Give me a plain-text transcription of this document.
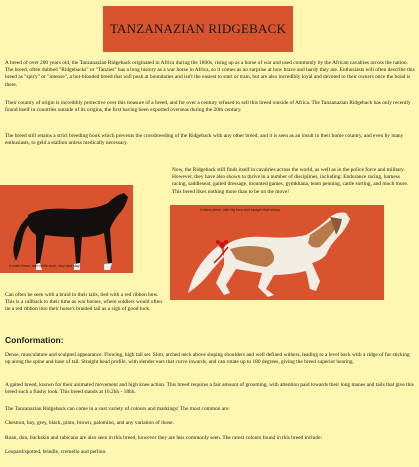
TANZANAZIAN RIDGEBACK

A breed of over 200 years old, the Tanzanazian Ridgeback originated in Africa during the 1800s, rising up as a horse of war and used commonly by the African cavalries across the nation. The breed, often dubbed "Ridgebacks" or "Tanzies" has a long history as a war horse in Africa, so it comes as no surprise at how brave and hardy they are. Enthusiasts will often describe this breed as "spicy" or "intense", a hot-blooded breed that will push at boundaries and isn't the easiest to start or train, but are also incredibly loyal and devoted to their owners once the bond is there.

Their country of origin is incredibly protective over this treasure of a breed, and for over a century refused to sell this breed outside of Africa. The Tanzanazian Ridgeback has only recently found itself in countries outside of its origins, the first having been exported overseas during the 20th century.

The breed still retains a strict breeding book which prevents the crossbreeding of the Ridgeback with any other breed, and it is seen as an insult in their home country, and even by many enthusiasts, to geld a stallion unless medically necessary.

A male horse, with white sock, stop and stay

Now, the Ridgeback still finds itself in cavalries across the world, as well as in the police force and military. However, they have also shown to thrive in a number of disciplines, including: Endurance racing, harness racing, saddleseat, gaited dressage, mounted games, gymkhana, team penning, cattle sorting, and much more. This breed likes nothing more than to be on the move!

A skew piece, with big bow and badger that shows

Can often be seen with a braid in their tails, tied with a red ribbon bow. This is a callback to their time as war horses, where soldiers would often tie a red ribbon into their horse's braided tail as a sign of good luck.

Conformation:

Dense, musculature and sculpted appearance. Flowing, high tail set. Slim, arched neck above sloping shoulders and well defined withers, leading to a level back with a ridge of fur sticking up along the spine and base of tail. Straight head profile, with slender ears that curve inwards, and can rotate up to 180 degrees, giving the breed superior hearing.

A gaited breed, known for their animated movement and high knee action. This breed requires a fair amount of grooming, with attention paid towards their long manes and tails that give this breed such a flashy look. This breed stands at 16.2hh - 18hh.

The Tanzanazian Ridgeback can come in a vast variety of colours and markings! The most common are:

Chestnut, bay, grey, black, pinto, brown, palomino, and any variation of those.

Roan, dun, buckskin and rabicano are also seen in this breed, however they are less commonly seen. The rarest colours found in this breed include:

Leopard/spotted, brindle, cremello and perlino.
